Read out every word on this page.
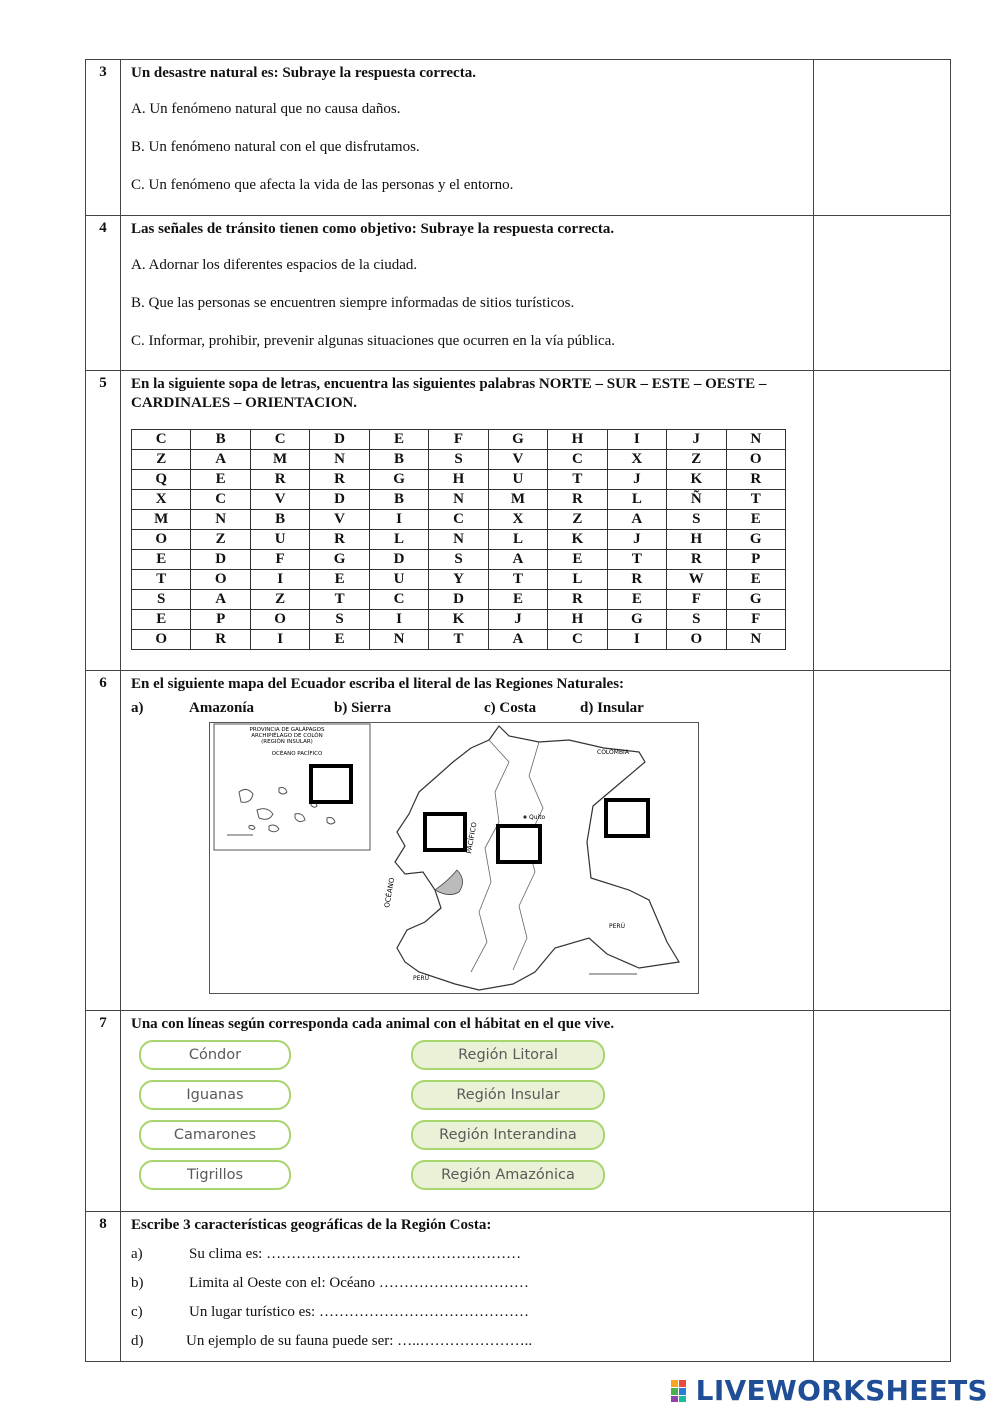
3	Un desastre natural es: Subraye la respuesta correcta.
A. Un fenómeno natural que no causa daños.
B. Un fenómeno natural con el que disfrutamos.
C. Un fenómeno que afecta la vida de las personas y el entorno.

4	Las señales de tránsito tienen como objetivo: Subraye la respuesta correcta.
A. Adornar los diferentes espacios de la ciudad.
B. Que las personas se encuentren siempre informadas de sitios turísticos.
C. Informar, prohibir, prevenir algunas situaciones que ocurren en la vía pública.

5	En la siguiente sopa de letras, encuentra las siguientes palabras NORTE – SUR – ESTE – OESTE – CARDINALES – ORIENTACION.
C	B	C	D	E	F	G	H	I	J	N
Z	A	M	N	B	S	V	C	X	Z	O
Q	E	R	R	G	H	U	T	J	K	R
X	C	V	D	B	N	M	R	L	Ñ	T
M	N	B	V	I	C	X	Z	A	S	E
O	Z	U	R	L	N	L	K	J	H	G
E	D	F	G	D	S	A	E	T	R	P
T	O	I	E	U	Y	T	L	R	W	E
S	A	Z	T	C	D	E	R	E	F	G
E	P	O	S	I	K	J	H	G	S	F
O	R	I	E	N	T	A	C	I	O	N

6	En el siguiente mapa del Ecuador escriba el literal de las Regiones Naturales:
a)	Amazonía	b) Sierra	c) Costa	d) Insular
PROVINCIA DE GALÁPAGOS
ARCHIPIÉLAGO DE COLÓN
(REGIÓN INSULAR)
OCÉANO PACÍFICO
PACÍFICO
OCÉANO
COLOMBIA
PERÚ
PERÚ
Quito

7	Una con líneas según corresponda cada animal con el hábitat en el que vive.
Cóndor
Iguanas
Camarones
Tigrillos
Región Litoral
Región Insular
Región Interandina
Región Amazónica

8	Escribe 3 características geográficas de la Región Costa:
a)	Su clima es: ……………………………………………
b)	Limita al Oeste con el: Océano …………………………
c)	Un lugar turístico es: ……………………………………
d)	Un ejemplo de su fauna puede ser: …..…………………..

LIVEWORKSHEETS
